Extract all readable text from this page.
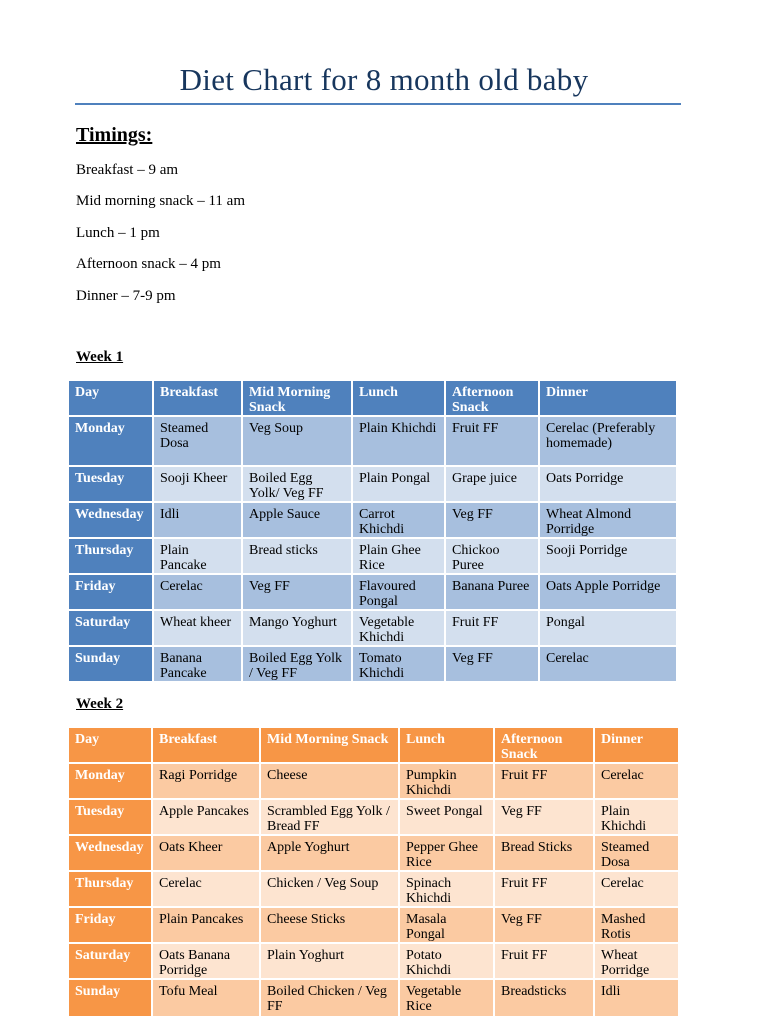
Diet Chart for 8 month old baby
Timings:
Breakfast – 9 am
Mid morning snack – 11 am
Lunch – 1 pm
Afternoon snack – 4 pm
Dinner – 7-9 pm
Week 1
Day	Breakfast	Mid Morning Snack	Lunch	Afternoon Snack	Dinner
Monday	Steamed Dosa	Veg Soup	Plain Khichdi	Fruit FF	Cerelac (Preferably homemade)
Tuesday	Sooji Kheer	Boiled Egg Yolk/ Veg FF	Plain Pongal	Grape juice	Oats Porridge
Wednesday	Idli	Apple Sauce	Carrot Khichdi	Veg FF	Wheat Almond Porridge
Thursday	Plain Pancake	Bread sticks	Plain Ghee Rice	Chickoo Puree	Sooji Porridge
Friday	Cerelac	Veg FF	Flavoured Pongal	Banana Puree	Oats Apple Porridge
Saturday	Wheat kheer	Mango Yoghurt	Vegetable Khichdi	Fruit FF	Pongal
Sunday	Banana Pancake	Boiled Egg Yolk / Veg FF	Tomato Khichdi	Veg FF	Cerelac
Week 2
Day	Breakfast	Mid Morning Snack	Lunch	Afternoon Snack	Dinner
Monday	Ragi Porridge	Cheese	Pumpkin Khichdi	Fruit FF	Cerelac
Tuesday	Apple Pancakes	Scrambled Egg Yolk / Bread FF	Sweet Pongal	Veg FF	Plain Khichdi
Wednesday	Oats Kheer	Apple Yoghurt	Pepper Ghee Rice	Bread Sticks	Steamed Dosa
Thursday	Cerelac	Chicken / Veg Soup	Spinach Khichdi	Fruit FF	Cerelac
Friday	Plain Pancakes	Cheese Sticks	Masala Pongal	Veg FF	Mashed Rotis
Saturday	Oats Banana Porridge	Plain Yoghurt	Potato Khichdi	Fruit FF	Wheat Porridge
Sunday	Tofu Meal	Boiled Chicken / Veg FF	Vegetable Rice	Breadsticks	Idli
